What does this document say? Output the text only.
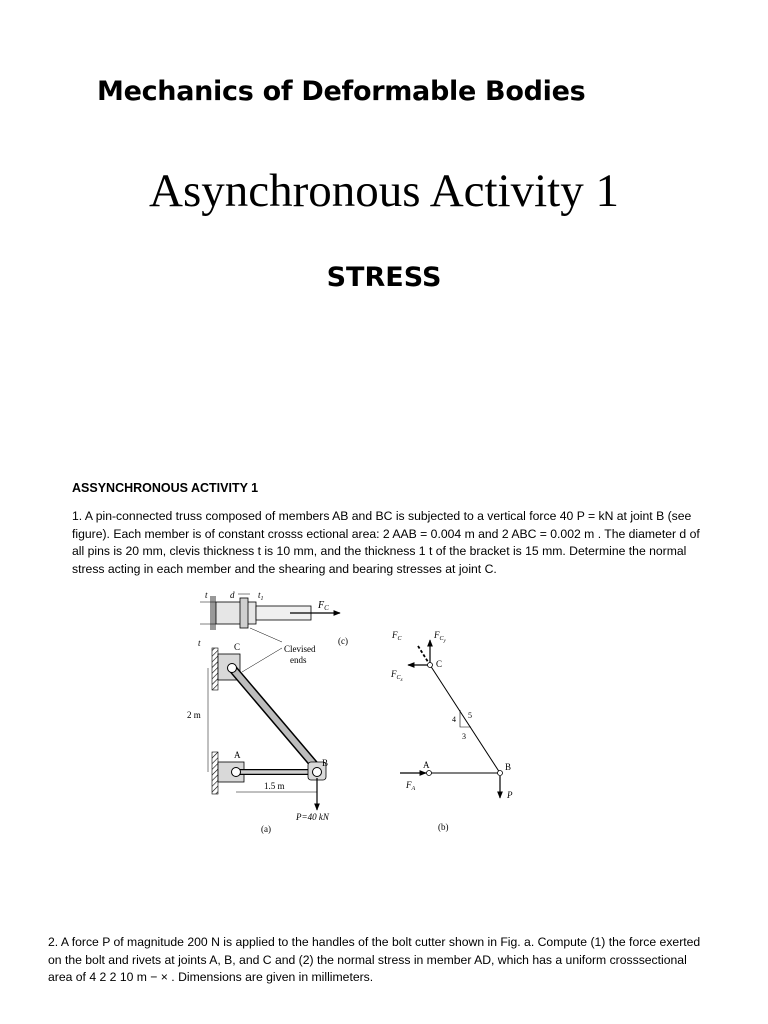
Mechanics of Deformable Bodies
Asynchronous Activity 1
STRESS
ASSYNCHRONOUS ACTIVITY 1
1. A pin-connected truss composed of members AB and BC is subjected to a vertical force 40 P = kN at joint B (see figure). Each member is of constant crosss ectional area: 2 AAB = 0.004 m and 2 ABC = 0.002 m . The diameter d of all pins is 20 mm, clevis thickness t is 10 mm, and the thickness 1 t of the bracket is 15 mm. Determine the normal stress acting in each member and the shearing and bearing stresses at joint C.
t
t
d	$t_1$
$F_C$
(c)
Clevised
ends
C
A
B
2 m
1.5 m
P=40 kN
(a)
$F_C$	$F_{Cy}$
$F_{Cx}$
C
A	B
$F_A$
P
4 5
3
(b)
2. A force P of magnitude 200 N is applied to the handles of the bolt cutter shown in Fig. a. Compute (1) the force exerted on the bolt and rivets at joints A, B, and C and (2) the normal stress in member AD, which has a uniform crosssectional area of 4 2 2 10 m − × . Dimensions are given in millimeters.
